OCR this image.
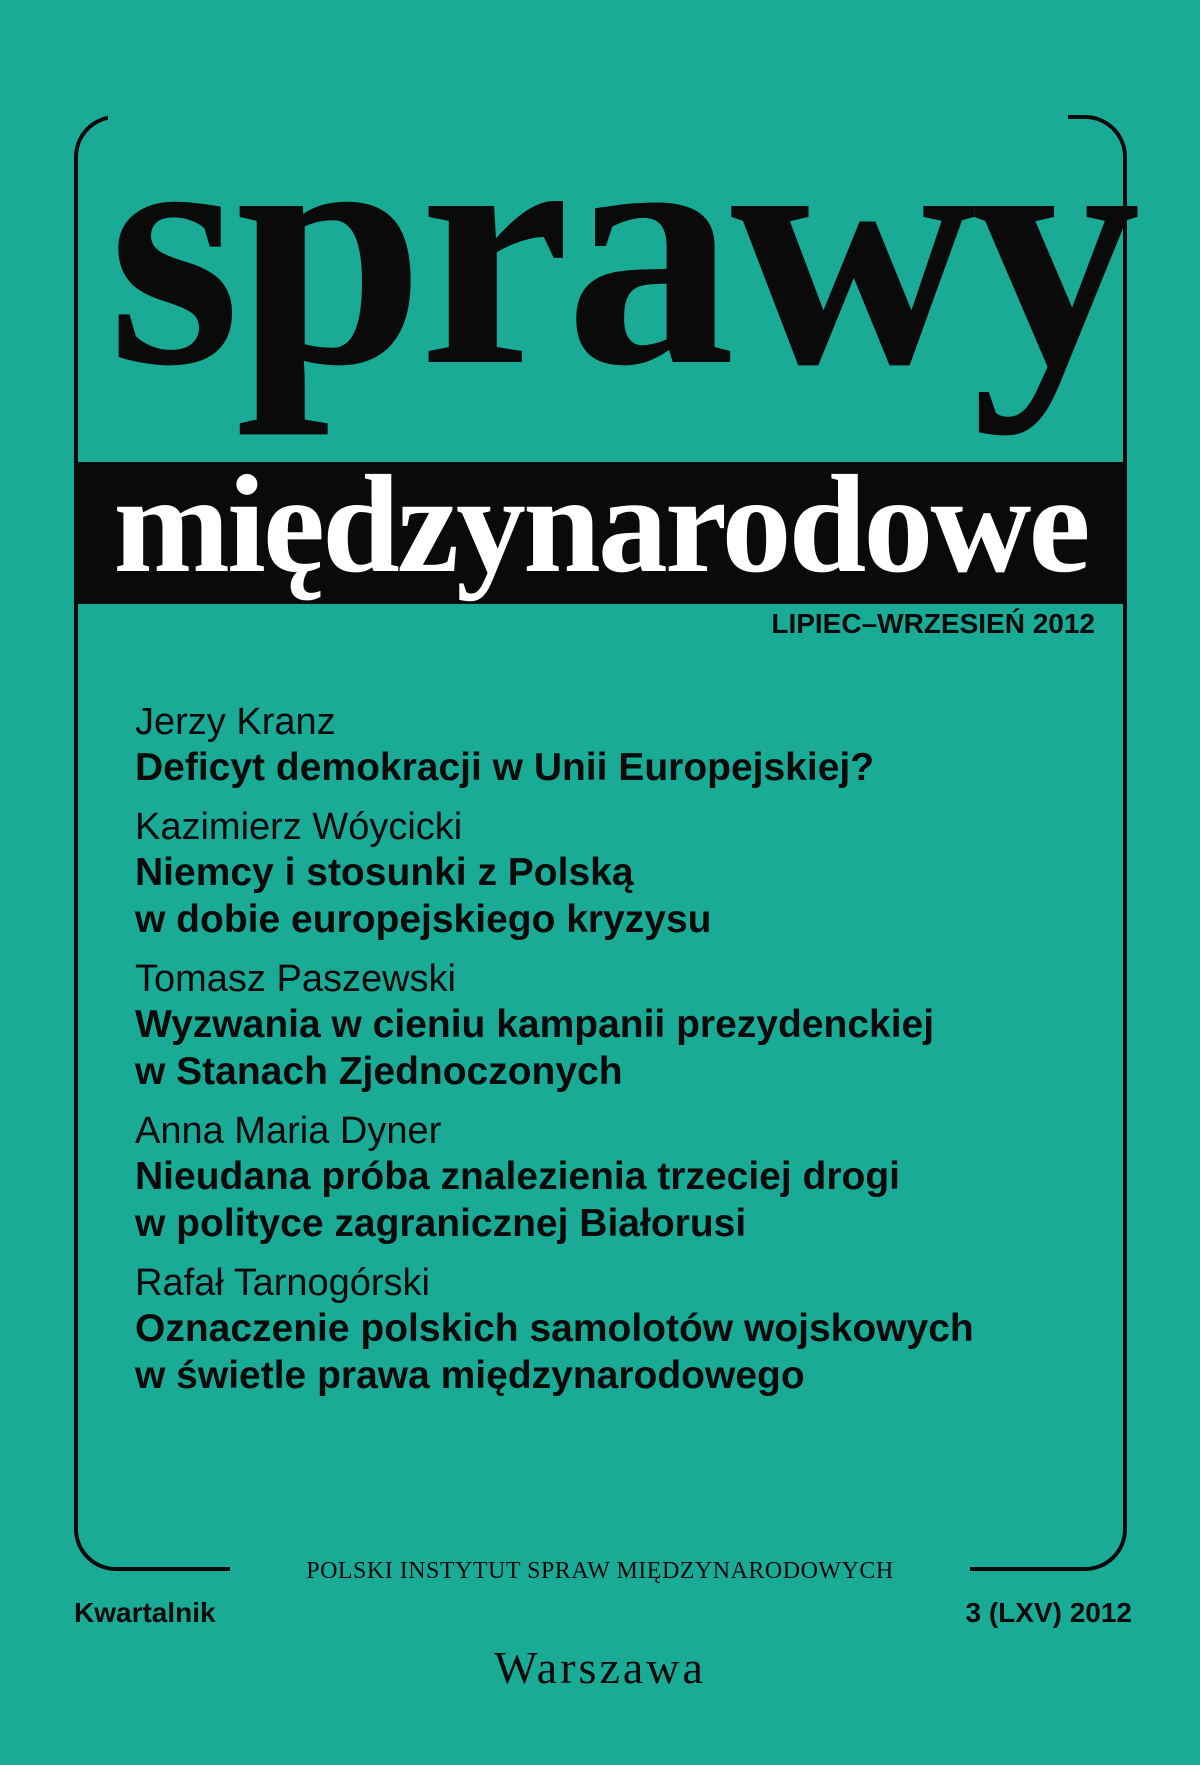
sprawy
międzynarodowe
LIPIEC–WRZESIEŃ 2012
Jerzy Kranz
Deficyt demokracji w Unii Europejskiej?
Kazimierz Wóycicki
Niemcy i stosunki z Polską
w dobie europejskiego kryzysu
Tomasz Paszewski
Wyzwania w cieniu kampanii prezydenckiej
w Stanach Zjednoczonych
Anna Maria Dyner
Nieudana próba znalezienia trzeciej drogi
w polityce zagranicznej Białorusi
Rafał Tarnogórski
Oznaczenie polskich samolotów wojskowych
w świetle prawa międzynarodowego
POLSKI INSTYTUT SPRAW MIĘDZYNARODOWYCH
Kwartalnik	3 (LXV) 2012
Warszawa
